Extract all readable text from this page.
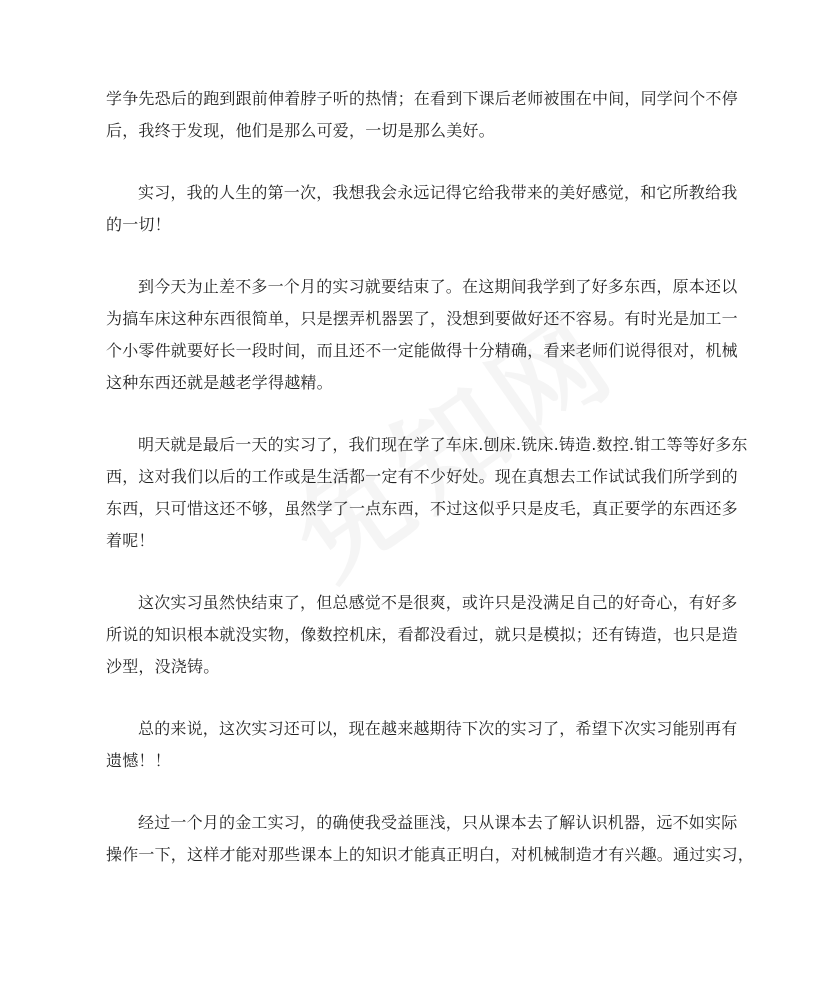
学争先恐后的跑到跟前伸着脖子听的热情；在看到下课后老师被围在中间，同学问个不停
后，我终于发现，他们是那么可爱，一切是那么美好。
实习，我的人生的第一次，我想我会永远记得它给我带来的美好感觉，和它所教给我
的一切！
到今天为止差不多一个月的实习就要结束了。在这期间我学到了好多东西，原本还以
为搞车床这种东西很简单，只是摆弄机器罢了，没想到要做好还不容易。有时光是加工一
个小零件就要好长一段时间，而且还不一定能做得十分精确，看来老师们说得很对，机械
这种东西还就是越老学得越精。
明天就是最后一天的实习了，我们现在学了车床.刨床.铣床.铸造.数控.钳工等等好多东
西，这对我们以后的工作或是生活都一定有不少好处。现在真想去工作试试我们所学到的
东西，只可惜这还不够，虽然学了一点东西，不过这似乎只是皮毛，真正要学的东西还多
着呢！
这次实习虽然快结束了，但总感觉不是很爽，或许只是没满足自己的好奇心，有好多
所说的知识根本就没实物，像数控机床，看都没看过，就只是模拟；还有铸造，也只是造
沙型，没浇铸。
总的来说，这次实习还可以，现在越来越期待下次的实习了，希望下次实习能别再有
遗憾！！
经过一个月的金工实习，的确使我受益匪浅，只从课本去了解认识机器，远不如实际
操作一下，这样才能对那些课本上的知识才能真正明白，对机械制造才有兴趣。通过实习，
